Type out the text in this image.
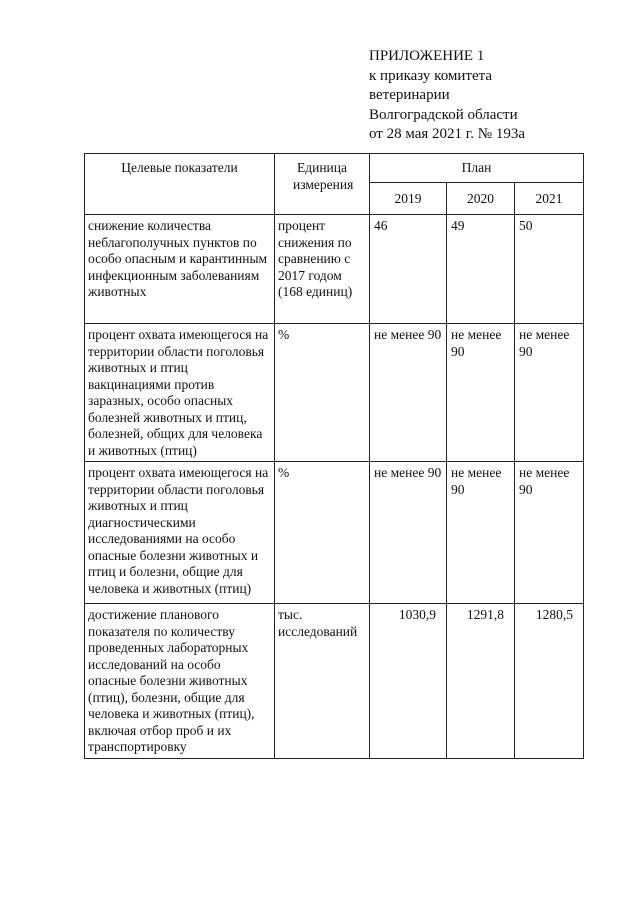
ПРИЛОЖЕНИЕ 1
к приказу комитета
ветеринарии
Волгоградской области
от 28 мая 2021 г. № 193а
Целевые показатели	Единица измерения	План		
		2019	2020	2021
снижение количества неблагополучных пунктов по особо опасным и карантинным инфекционным заболеваниям животных	процент снижения по сравнению с 2017 годом (168 единиц)	46	49	50
процент охвата имеющегося на территории области поголовья животных и птиц вакцинациями против заразных, особо опасных болезней животных и птиц, болезней, общих для человека и животных (птиц)	%	не менее 90	не менее 90	не менее 90
процент охвата имеющегося на территории области поголовья животных и птиц диагностическими исследованиями на особо опасные болезни животных и птиц и болезни, общие для человека и животных (птиц)	%	не менее 90	не менее 90	не менее 90
достижение планового показателя по количеству проведенных лабораторных исследований на особо опасные болезни животных (птиц), болезни, общие для человека и животных (птиц), включая отбор проб и их транспортировку	тыс. исследований	1030,9	1291,8	1280,5
